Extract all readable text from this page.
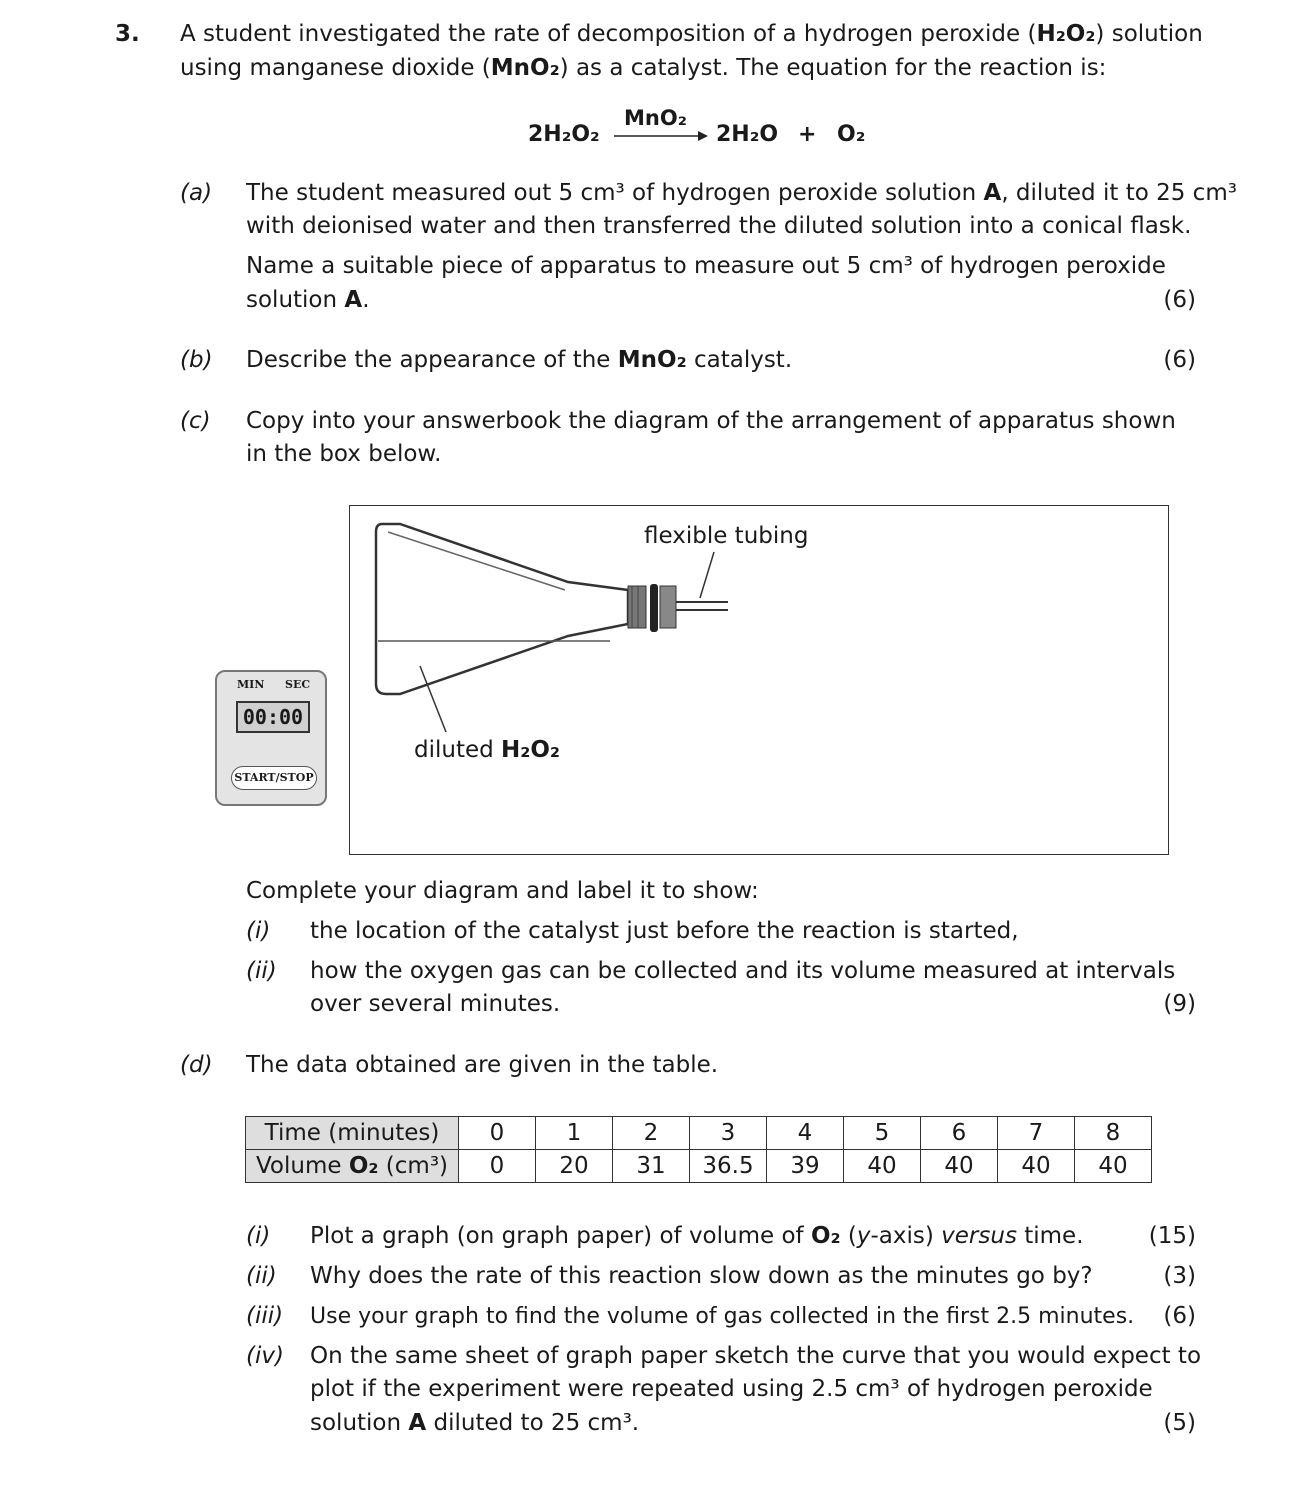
3. A student investigated the rate of decomposition of a hydrogen peroxide (H₂O₂) solution
using manganese dioxide (MnO₂) as a catalyst. The equation for the reaction is:
2H₂O₂
MnO₂
2H₂O + O₂
(a) The student measured out 5 cm³ of hydrogen peroxide solution A, diluted it to 25 cm³
with deionised water and then transferred the diluted solution into a conical flask.
Name a suitable piece of apparatus to measure out 5 cm³ of hydrogen peroxide
solution A.	(6)
(b) Describe the appearance of the MnO₂ catalyst.	(6)
(c) Copy into your answerbook the diagram of the arrangement of apparatus shown
in the box below.
flexible tubing
diluted H₂O₂
MIN SEC
00:00
START/STOP
Complete your diagram and label it to show:
(i) the location of the catalyst just before the reaction is started,
(ii) how the oxygen gas can be collected and its volume measured at intervals
over several minutes.	(9)
(d) The data obtained are given in the table.
Time (minutes)	0	1	2	3	4	5	6	7	8
Volume O₂ (cm³)	0	20	31	36.5	39	40	40	40	40
(i) Plot a graph (on graph paper) of volume of O₂ (y-axis) versus time.	(15)
(ii) Why does the rate of this reaction slow down as the minutes go by?	(3)
(iii) Use your graph to find the volume of gas collected in the first 2.5 minutes. (6)
(iv) On the same sheet of graph paper sketch the curve that you would expect to
plot if the experiment were repeated using 2.5 cm³ of hydrogen peroxide
solution A diluted to 25 cm³.	(5)
